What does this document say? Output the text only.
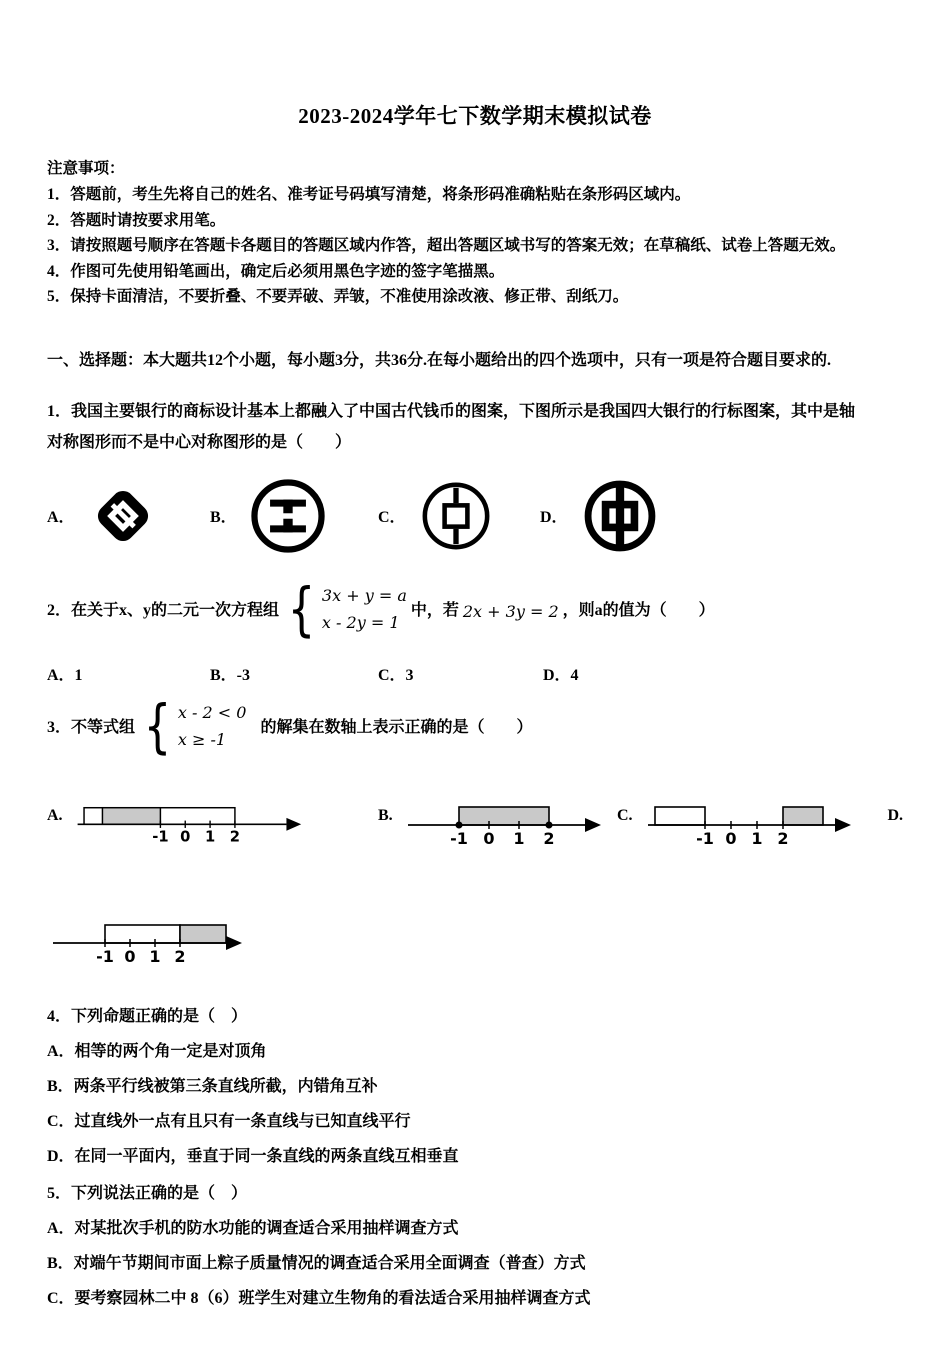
2023-2024学年七下数学期末模拟试卷
注意事项：
1．答题前，考生先将自己的姓名、准考证号码填写清楚，将条形码准确粘贴在条形码区域内。
2．答题时请按要求用笔。
3．请按照题号顺序在答题卡各题目的答题区域内作答，超出答题区域书写的答案无效；在草稿纸、试卷上答题无效。
4．作图可先使用铅笔画出，确定后必须用黑色字迹的签字笔描黑。
5．保持卡面清洁，不要折叠、不要弄破、弄皱，不准使用涂改液、修正带、刮纸刀。
一、选择题：本大题共12个小题，每小题3分，共36分.在每小题给出的四个选项中，只有一项是符合题目要求的.
1．我国主要银行的商标设计基本上都融入了中国古代钱币的图案，下图所示是我国四大银行的行标图案，其中是轴
对称图形而不是中心对称图形的是（　　）
A．	B．	C．	D．
2．在关于x、y的二元一次方程组 { 3x + y = a
x - 2y = 1
中，若 2x + 3y = 2 ，则a的值为（　　）
A．1	B．-3	C．3	D．4
3．不等式组 { x - 2 < 0
x ≥ -1
的解集在数轴上表示正确的是（　　）
A.
-1 0 1 2
B.
-1 0 1 2
C.
-1 0 1 2
D.
-1 0 1 2
4．下列命题正确的是（　）
A．相等的两个角一定是对顶角
B．两条平行线被第三条直线所截，内错角互补
C．过直线外一点有且只有一条直线与已知直线平行
D．在同一平面内，垂直于同一条直线的两条直线互相垂直
5．下列说法正确的是（　）
A．对某批次手机的防水功能的调查适合采用抽样调查方式
B．对端午节期间市面上粽子质量情况的调查适合采用全面调查（普查）方式
C．要考察园林二中 8（6）班学生对建立生物角的看法适合采用抽样调查方式
